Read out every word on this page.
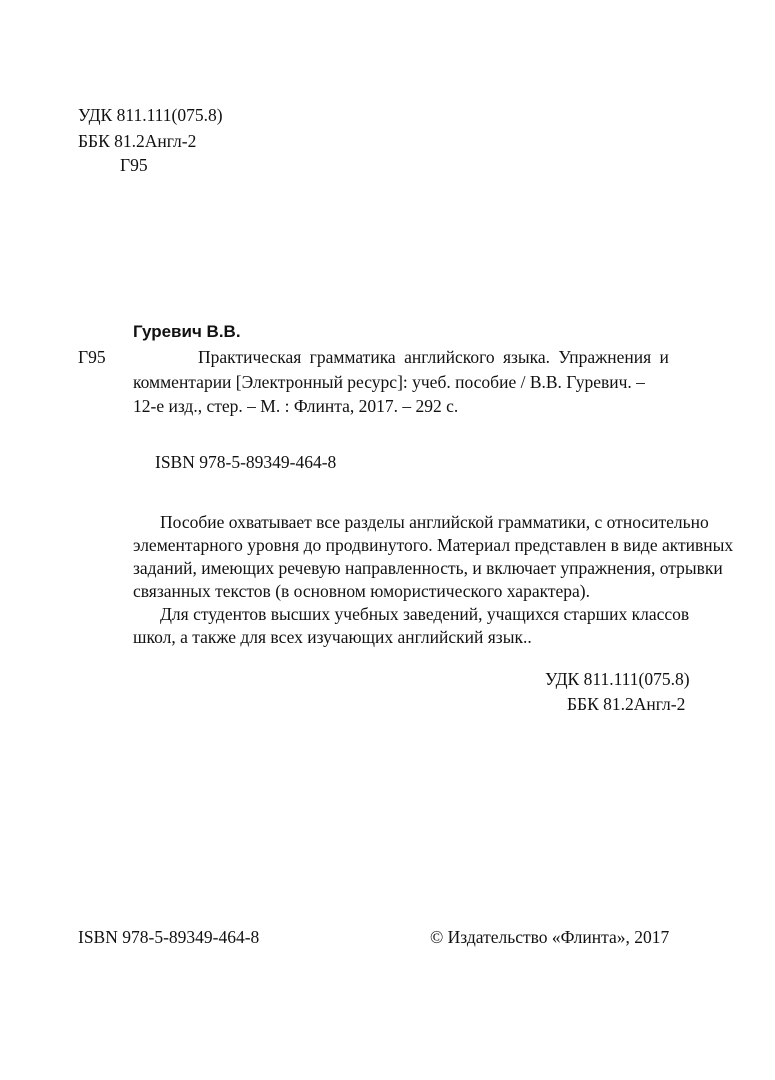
УДК 811.111(075.8)
ББК 81.2Англ-2
Г95
Гуревич В.В.
Г95	Практическая грамматика английского языка. Упражнения и
комментарии [Электронный ресурс]: учеб. пособие / В.В. Гуревич. –
12-е изд., стер. – М. : Флинта, 2017. – 292 с.
ISBN 978-5-89349-464-8
Пособие охватывает все разделы английской грамматики, с относительно
элементарного уровня до продвинутого. Материал представлен в виде активных
заданий, имеющих речевую направленность, и включает упражнения, отрывки
связанных текстов (в основном юмористического характера).
Для студентов высших учебных заведений, учащихся старших классов
школ, а также для всех изучающих английский язык..
УДК 811.111(075.8)
ББК 81.2Англ-2
ISBN 978-5-89349-464-8	© Издательство «Флинта», 2017
